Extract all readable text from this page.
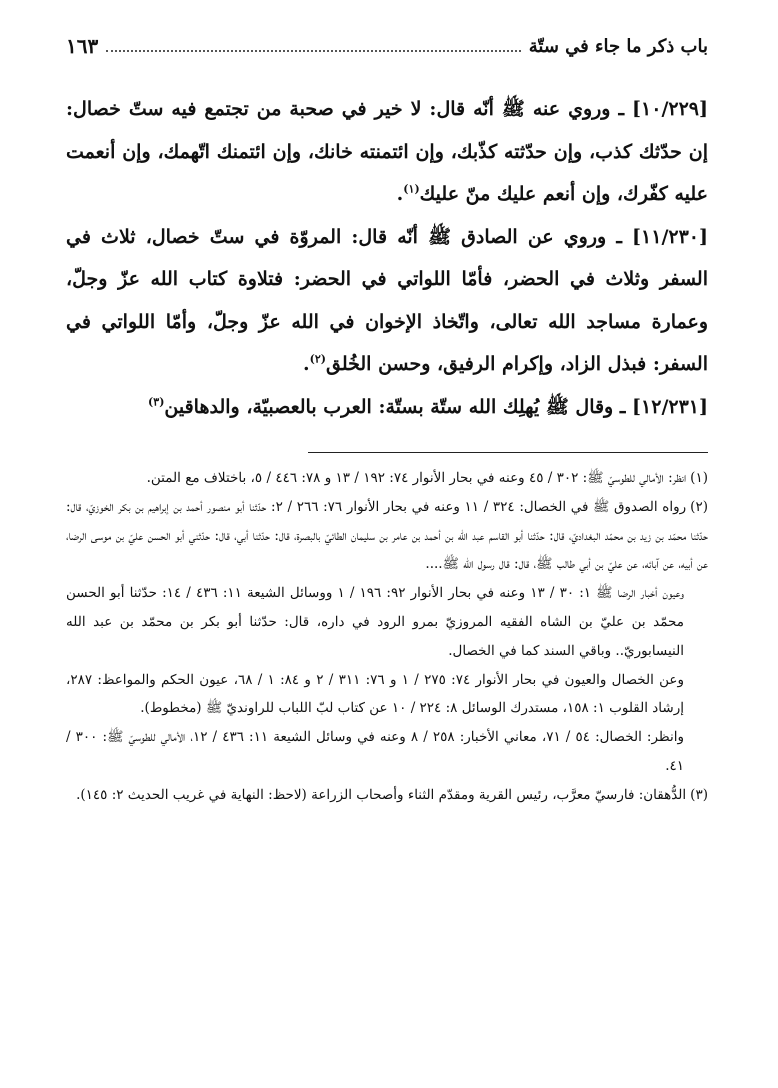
باب ذكر ما جاء في ستّة
١٦٣

[١٠/٢٢٩] ـ وروي عنه ﷺ أنّه قال: لا خير في صحبة من تجتمع فيه ستّ خصال: إن حدّثك كذب، وإن حدّثته كذّبك، وإن ائتمنته خانك، وإن ائتمنك اتّهمك، وإن أنعمت عليه كفّرك، وإن أنعم عليك منّ عليك$^{(١)}$.

[١١/٢٣٠] ـ وروي عن الصادق ﷺ أنّه قال: المروّة في ستّ خصال، ثلاث في السفر وثلاث في الحضر، فأمّا اللواتي في الحضر: فتلاوة كتاب الله عزّ وجلّ، وعمارة مساجد الله تعالى، واتّخاذ الإخوان في الله عزّ وجلّ، وأمّا اللواتي في السفر: فبذل الزاد، وإكرام الرفيق، وحسن الخُلق$^{(٢)}$.

[١٢/٢٣١] ـ وقال ﷺ يُهلِك الله ستّة بستّة: العرب بالعصبيّة، والدهاقين$^{(٣)}$

(١)انظر: الأمالي للطوسيّ ﷺ: ٣٠٢ / ٤٥ وعنه في بحار الأنوار ٧٤: ١٩٢ / ١٣ و ٧٨: ٤٤٦ / ٥، باختلاف مع المتن.

(٢)رواه الصدوق ﷺ في الخصال: ٣٢٤ / ١١ وعنه في بحار الأنوار ٧٦: ٢٦٦ / ٢: حدّثنا أبو منصور أحمد بن إبراهيم بن بكر الخوزيّ، قال: حدّثنا محمّد بن زيد بن محمّد البغداديّ، قال: حدّثنا أبو القاسم عبد الله بن أحمد بن عامر بن سليمان الطائيّ بالبصرة، قال: حدّثنا أبي، قال: حدّثني أبو الحسن عليّ بن موسى الرضا، عن أبيه، عن آبائه، عن عليّ بن أبي طالب ﷺ، قال: قال رسول الله ﷺ....

وعيون أخبار الرضا ﷺ ١: ٣٠ / ١٣ وعنه في بحار الأنوار ٩٢: ١٩٦ / ١ ووسائل الشيعة ١١: ٤٣٦ / ١٤: حدّثنا أبو الحسن محمّد بن عليّ بن الشاه الفقيه المروزيّ بمرو الرود في داره، قال: حدّثنا أبو بكر بن محمّد بن عبد الله النيسابوريّ.. وباقي السند كما في الخصال.

وعن الخصال والعيون في بحار الأنوار ٧٤: ٢٧٥ / ١ و ٧٦: ٣١١ / ٢ و ٨٤: ١ / ٦٨، عيون الحكم والمواعظ: ٢٨٧، إرشاد القلوب ١: ١٥٨، مستدرك الوسائل ٨: ٢٢٤ / ١٠ عن كتاب لبّ اللباب للراونديّ ﷺ (مخطوط).

وانظر: الخصال: ٥٤ / ٧١، معاني الأخبار: ٢٥٨ / ٨ وعنه في وسائل الشيعة ١١: ٤٣٦ / ١٢، الأمالي للطوسيّ ﷺ: ٣٠٠ / ٤١.

(٣)الدُّهقان: فارسيّ معرَّب، رئيس القرية ومقدّم الثناء وأصحاب الزراعة (لاحظ: النهاية في غريب الحديث ٢: ١٤٥).
